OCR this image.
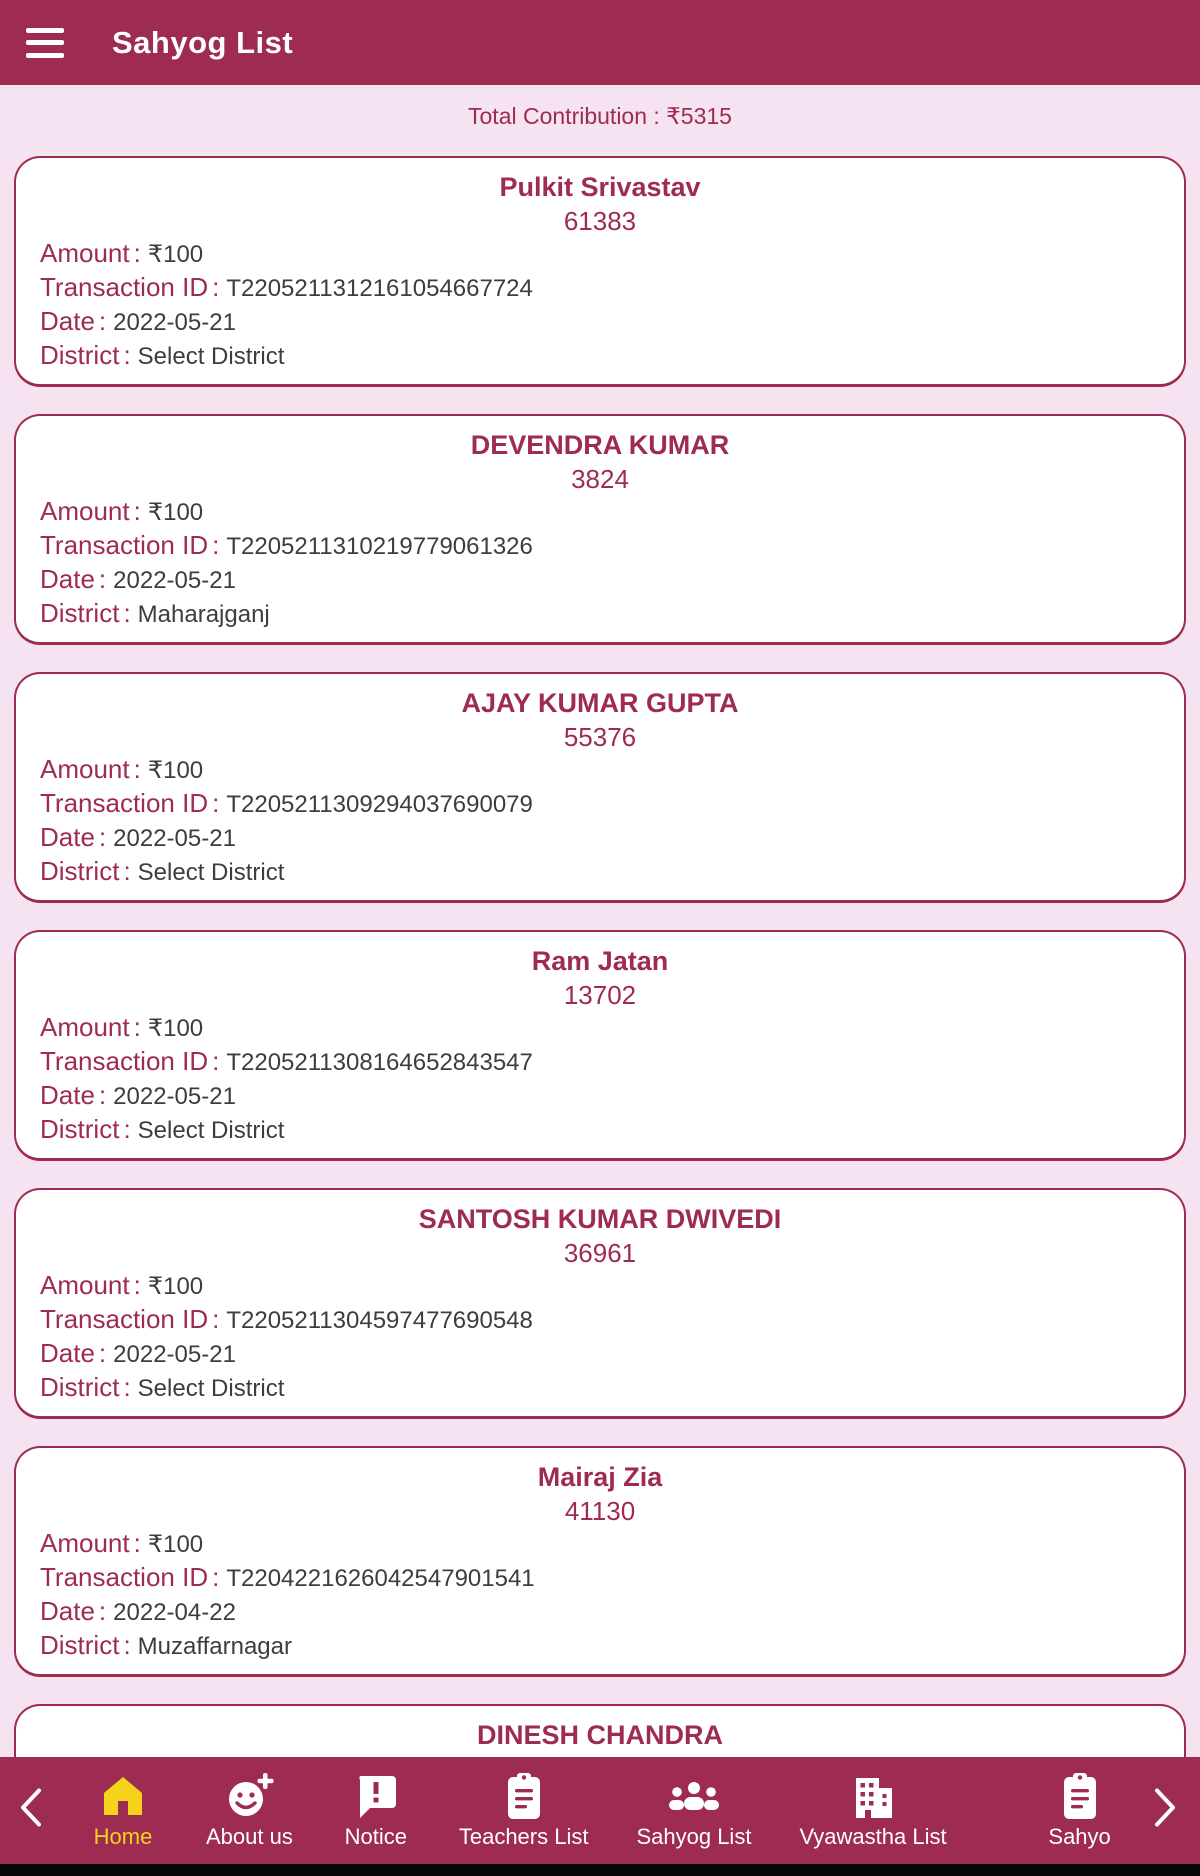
Sahyog List
Total Contribution : ₹5315
Pulkit Srivastav
61383
Amount : ₹100
Transaction ID : T2205211312161054667724
Date : 2022-05-21
District : Select District
DEVENDRA KUMAR
3824
Amount : ₹100
Transaction ID : T2205211310219779061326
Date : 2022-05-21
District : Maharajganj
AJAY KUMAR GUPTA
55376
Amount : ₹100
Transaction ID : T2205211309294037690079
Date : 2022-05-21
District : Select District
Ram Jatan
13702
Amount : ₹100
Transaction ID : T2205211308164652843547
Date : 2022-05-21
District : Select District
SANTOSH KUMAR DWIVEDI
36961
Amount : ₹100
Transaction ID : T2205211304597477690548
Date : 2022-05-21
District : Select District
Mairaj Zia
41130
Amount : ₹100
Transaction ID : T2204221626042547901541
Date : 2022-04-22
District : Muzaffarnagar
DINESH CHANDRA
Home About us Notice Teachers List Sahyog List Vyawastha List	Sahyo
